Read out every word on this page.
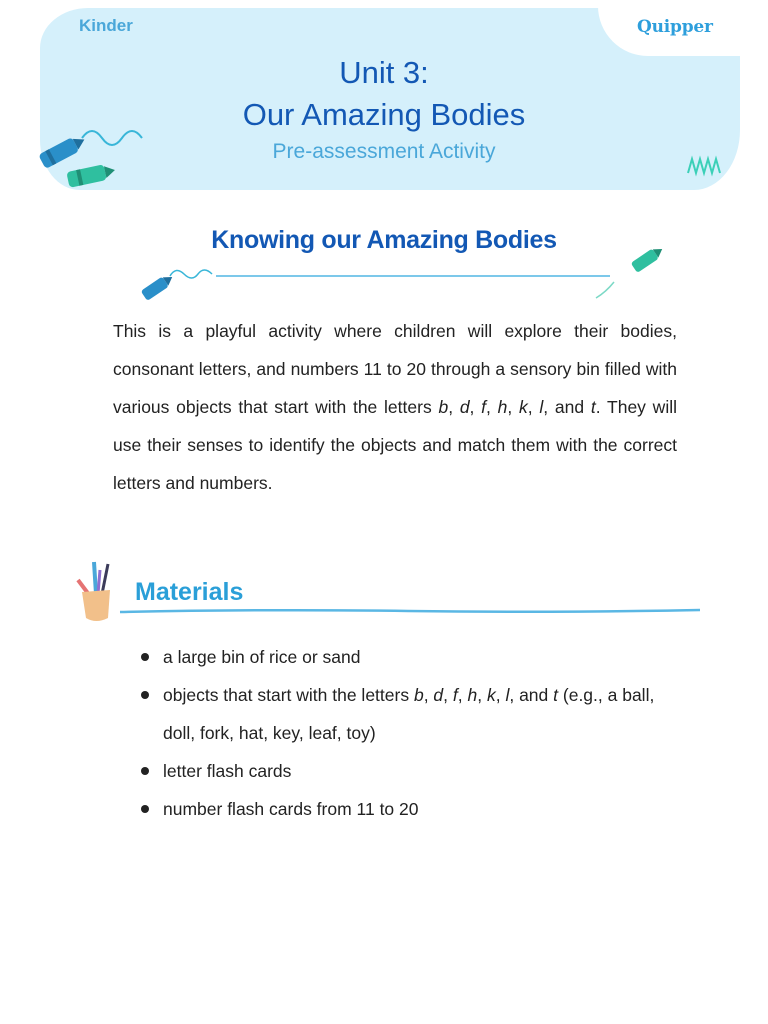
Kinder	Quipper
Unit 3:
Our Amazing Bodies
Pre-assessment Activity
Knowing our Amazing Bodies

This is a playful activity where children will explore their bodies, consonant letters, and numbers 11 to 20 through a sensory bin filled with various objects that start with the letters b, d, f, h, k, l, and t. They will use their senses to identify the objects and match them with the correct letters and numbers.

Materials
a large bin of rice or sand
objects that start with the letters b, d, f, h, k, l, and t (e.g., a ball, doll, fork, hat, key, leaf, toy)
letter flash cards
number flash cards from 11 to 20
